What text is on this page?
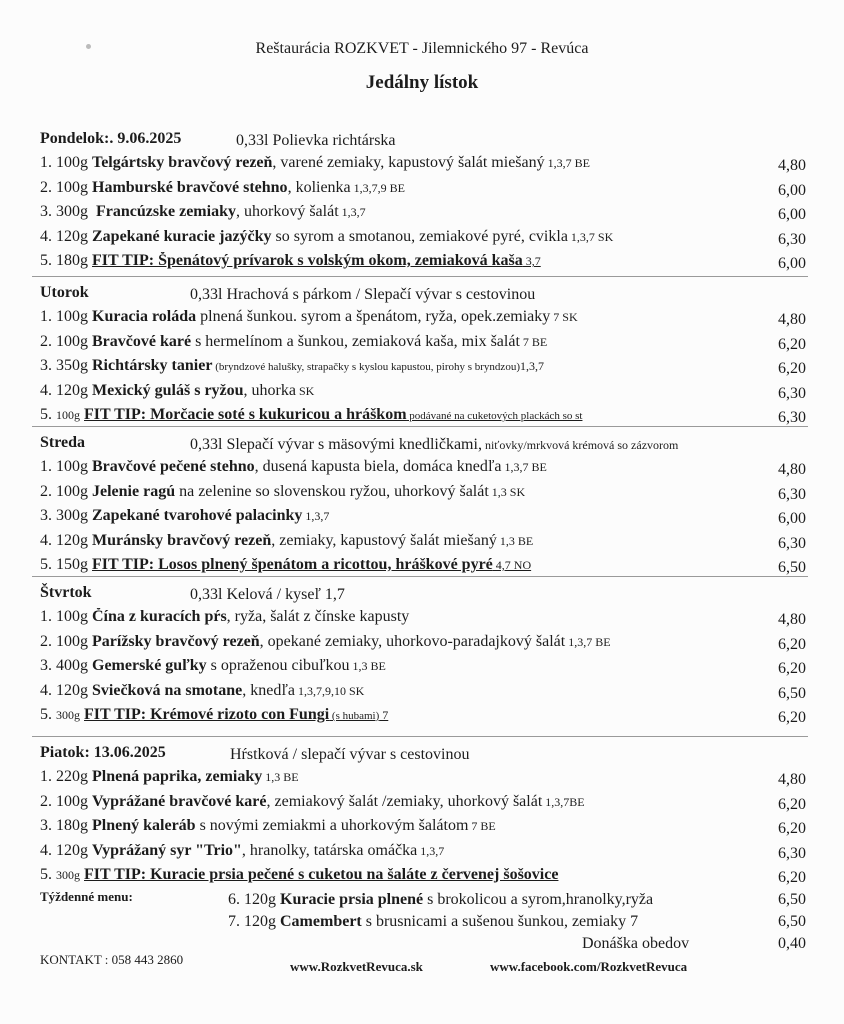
Reštaurácia ROZKVET - Jilemnického 97 - Revúca
Jedálny lístok
Pondelok:. 9.06.2025	0,33l Polievka richtárska
1. 100g Telgártsky bravčový rezeň, varené zemiaky, kapustový šalát miešaný 1,3,7 BE	4,80
2. 100g Hamburské bravčové stehno, kolienka 1,3,7,9 BE	6,00
3. 300g Francúzske zemiaky, uhorkový šalát 1,3,7	6,00
4. 120g Zapekané kuracie jazýčky so syrom a smotanou, zemiakové pyré, cvikla 1,3,7 SK	6,30
5. 180g FIT TIP: Špenátový prívarok s volským okom, zemiaková kaša 3,7	6,00
Utorok	0,33l Hrachová s párkom / Slepačí vývar s cestovinou
1. 100g Kuracia roláda plnená šunkou. syrom a špenátom, ryža, opek.zemiaky 7 SK	4,80
2. 100g Bravčové karé s hermelínom a šunkou, zemiaková kaša, mix šalát 7 BE	6,20
3. 350g Richtársky tanier (bryndzové halušky, strapačky s kyslou kapustou, pirohy s bryndzou)1,3,7	6,20
4. 120g Mexický guláš s ryžou, uhorka SK	6,30
5. 100g FIT TIP: Morčacie soté s kukuricou a hráškom podávané na cuketových plackách so st	6,30
Streda	0,33l Slepačí vývar s mäsovými knedličkami, niťovky/mrkvová krémová so zázvorom
1. 100g Bravčové pečené stehno, dusená kapusta biela, domáca knedľa 1,3,7 BE	4,80
2. 100g Jelenie ragú na zelenine so slovenskou ryžou, uhorkový šalát 1,3 SK	6,30
3. 300g Zapekané tvarohové palacinky 1,3,7	6,00
4. 120g Muránsky bravčový rezeň, zemiaky, kapustový šalát miešaný 1,3 BE	6,30
5. 150g FIT TIP: Losos plnený špenátom a ricottou, hráškové pyré 4,7 NO	6,50
Štvrtok	0,33l Kelová / kyseľ 1,7
1. 100g Čína z kuracích pŕs, ryža, šalát z čínske kapusty	4,80
2. 100g Parížsky bravčový rezeň, opekané zemiaky, uhorkovo-paradajkový šalát 1,3,7 BE	6,20
3. 400g Gemerské guľky s opraženou cibuľkou 1,3 BE	6,20
4. 120g Sviečková na smotane, knedľa 1,3,7,9,10 SK	6,50
5. 300g FIT TIP: Krémové rizoto con Fungi (s hubami) 7	6,20
Piatok: 13.06.2025	Hŕstková / slepačí vývar s cestovinou
1. 220g Plnená paprika, zemiaky 1,3 BE	4,80
2. 100g Vyprážané bravčové karé, zemiakový šalát /zemiaky, uhorkový šalát 1,3,7BE	6,20
3. 180g Plnený kaleráb s novými zemiakmi a uhorkovým šalátom 7 BE	6,20
4. 120g Vyprážaný syr "Trio", hranolky, tatárska omáčka 1,3,7	6,30
5. 300g FIT TIP: Kuracie prsia pečené s cuketou na šaláte z červenej šošovice	6,20
Týždenné menu:	6. 120g Kuracie prsia plnené s brokolicou a syrom,hranolky,ryža	6,50
7. 120g Camembert s brusnicami a sušenou šunkou, zemiaky 7	6,50
Donáška obedov	0,40
KONTAKT : 058 443 2860	www.RozkvetRevuca.sk	www.facebook.com/RozkvetRevuca
